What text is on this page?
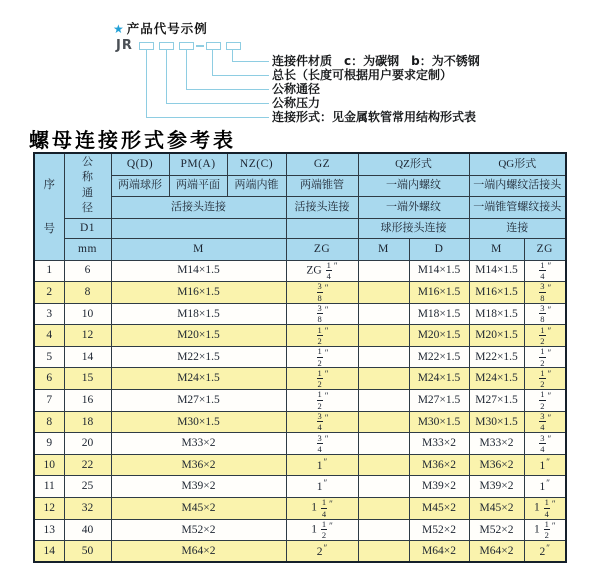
★ 产品代号示例
JR
连接件材质　c：为碳钢　b：为不锈钢
总长（长度可根据用户要求定制）
公称通径
公称压力
连接形式：见金属软管常用结构形式表
螺母连接形式参考表
序号	公称通径	Q(D)	PM(A)	NZ(C)	GZ	QZ形式		QG形式	
		两端球形	两端平面	两端内锥	两端锥管	一端内螺纹		一端内螺纹活接头	
		活接头连接			活接头连接	一端外螺纹		一端锥管螺纹接头	
	D1					球形接头连接		连接	
	mm	M			ZG	M	D	M	ZG
1	6	M14×1.5			ZG $\frac{1}{4} ''$		M14×1.5	M14×1.5	$\frac{1}{4} ''$
2	8	M16×1.5			$\frac{3}{8} ''$		M16×1.5	M16×1.5	$\frac{3}{8} ''$
3	10	M18×1.5			$\frac{3}{8} ''$		M18×1.5	M18×1.5	$\frac{3}{8} ''$
4	12	M20×1.5			$\frac{1}{2} ''$		M20×1.5	M20×1.5	$\frac{1}{2} ''$
5	14	M22×1.5			$\frac{1}{2} ''$		M22×1.5	M22×1.5	$\frac{1}{2} ''$
6	15	M24×1.5			$\frac{1}{2} ''$		M24×1.5	M24×1.5	$\frac{1}{2} ''$
7	16	M27×1.5			$\frac{1}{2} ''$		M27×1.5	M27×1.5	$\frac{1}{2} ''$
8	18	M30×1.5			$\frac{3}{4} ''$		M30×1.5	M30×1.5	$\frac{3}{4} ''$
9	20	M33×2			$\frac{3}{4} ''$		M33×2	M33×2	$\frac{3}{4} ''$
10	22	M36×2			1″		M36×2	M36×2	1″
11	25	M39×2			1″		M39×2	M39×2	1″
12	32	M45×2			$1 \frac{1}{4} ''$		M45×2	M45×2	$1 \frac{1}{4} ''$
13	40	M52×2			$1 \frac{1}{2} ''$		M52×2	M52×2	$1 \frac{1}{2} ''$
14	50	M64×2			2″		M64×2	M64×2	2″
